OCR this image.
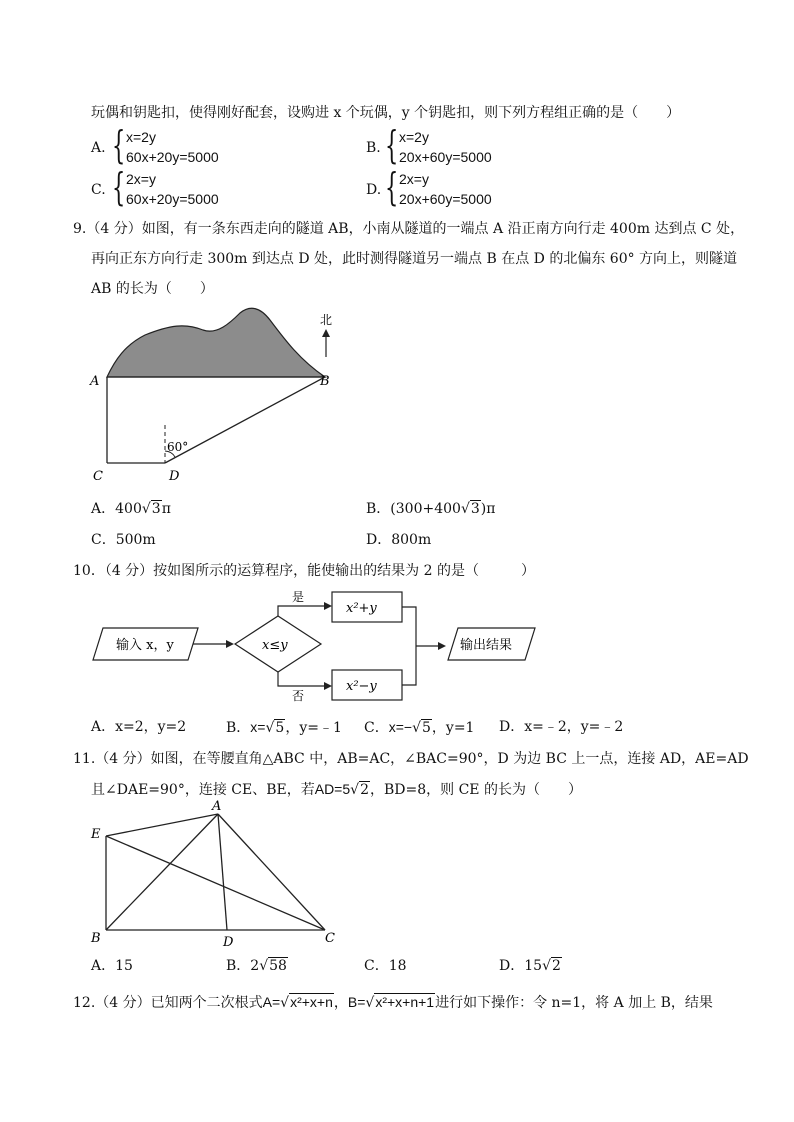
玩偶和钥匙扣，使得刚好配套，设购进 x 个玩偶，y 个钥匙扣，则下列方程组正确的是（　　）
A. { x=2y
60x+20y=5000
B. { x=2y
20x+60y=5000
C. { 2x=y
60x+20y=5000
D. { 2x=y
20x+60y=5000
9.（4 分）如图，有一条东西走向的隧道 AB，小南从隧道的一端点 A 沿正南方向行走 400m 达到点 C 处，
再向正东方向行走 300m 到达点 D 处，此时测得隧道另一端点 B 在点 D 的北偏东 60° 方向上，则隧道
AB 的长为（　　）
北
A	B
C	D
60°
A．400√3π	B．(300+400√3)π
C．500m	D．800m
10．（4 分）按如图所示的运算程序，能使输出的结果为 2 的是（　　　）
输入 x，y	x≤y
是
否
x²+y
x²−y
输出结果
A．x=2，y=2	B．x=√5，y=﹣1 C．x=−√5，y=1 D．x=﹣2，y=﹣2
11.（4 分）如图，在等腰直角△ABC 中，AB=AC，∠BAC=90°，D 为边 BC 上一点，连接 AD，AE=AD
且∠DAE=90°，连接 CE、BE，若AD=5√2，BD=8，则 CE 的长为（　　）
A
E
B	D	C
A．15	B．2√58	C．18	D．15√2
12.（4 分）已知两个二次根式A=√x²+x+n，B=√x²+x+n+1进行如下操作：令 n=1，将 A 加上 B，结果
